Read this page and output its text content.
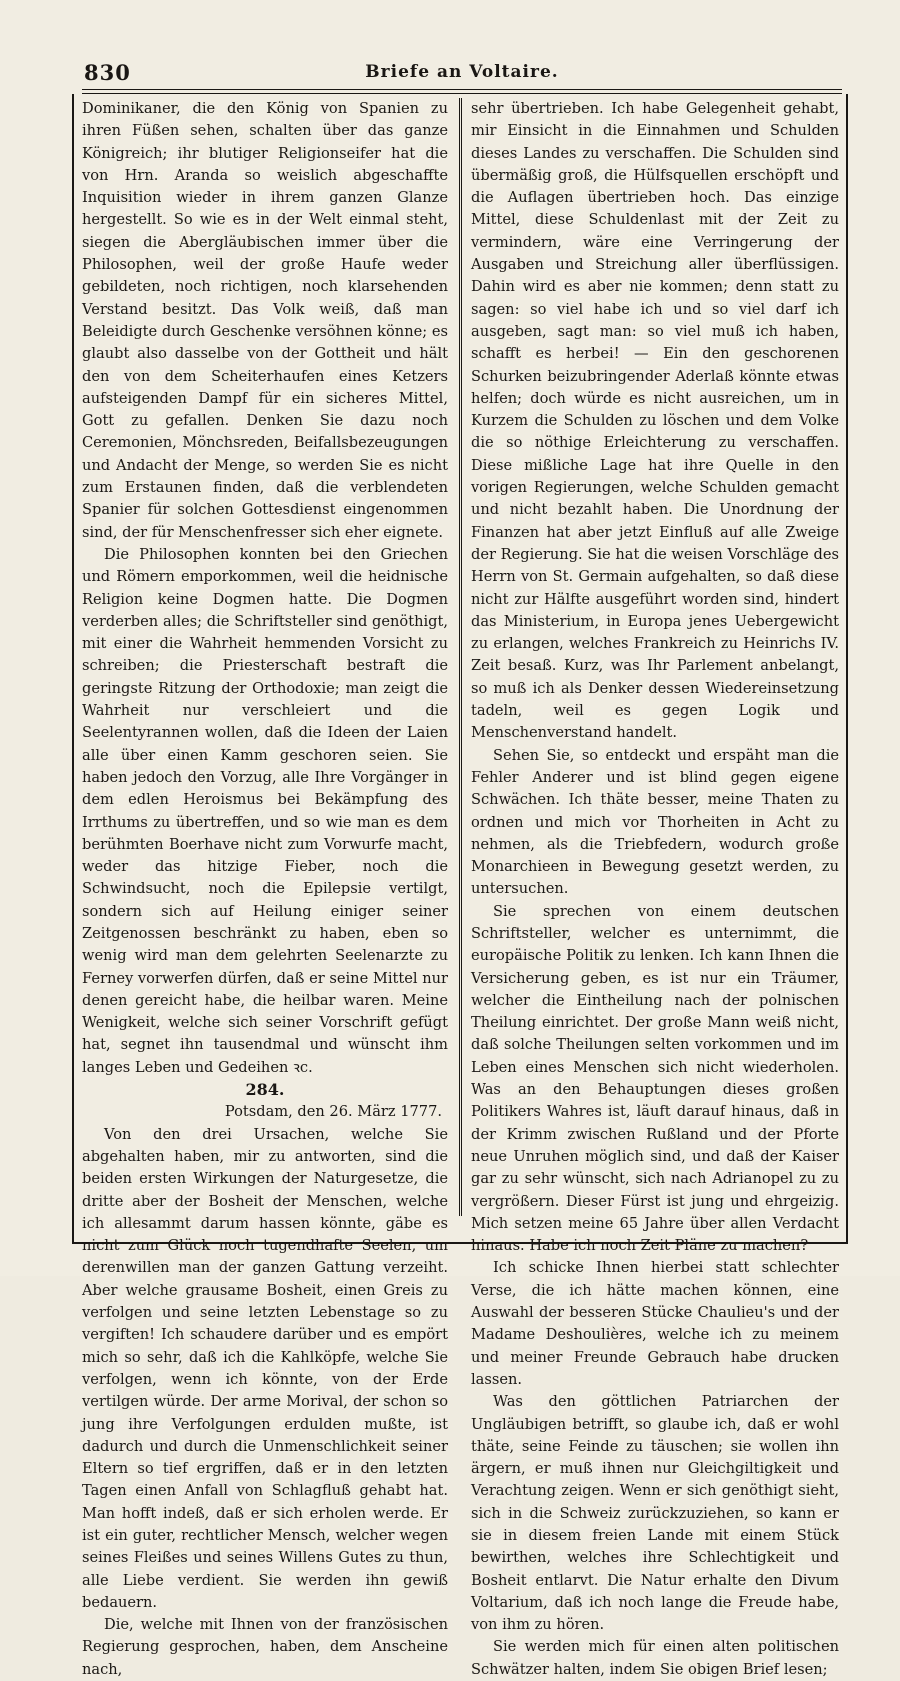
830	Briefe an Voltaire.

Dominikaner, die den König von Spanien zu ihren Füßen sehen, schalten über das ganze Königreich; ihr blutiger Religionseifer hat die von Hrn. Aranda so weislich abgeschaffte Inquisition wieder in ihrem ganzen Glanze hergestellt. So wie es in der Welt einmal steht, siegen die Abergläubischen immer über die Philosophen, weil der große Haufe weder gebildeten, noch richtigen, noch klarsehenden Verstand besitzt. Das Volk weiß, daß man Beleidigte durch Geschenke versöhnen könne; es glaubt also dasselbe von der Gottheit und hält den von dem Scheiterhaufen eines Ketzers aufsteigenden Dampf für ein sicheres Mittel, Gott zu gefallen. Denken Sie dazu noch Ceremonien, Mönchsreden, Beifallsbezeugungen und Andacht der Menge, so werden Sie es nicht zum Erstaunen finden, daß die verblendeten Spanier für solchen Gottesdienst eingenommen sind, der für Menschenfresser sich eher eignete.

Die Philosophen konnten bei den Griechen und Römern emporkommen, weil die heidnische Religion keine Dogmen hatte. Die Dogmen verderben alles; die Schriftsteller sind genöthigt, mit einer die Wahrheit hemmenden Vorsicht zu schreiben; die Priesterschaft bestraft die geringste Ritzung der Orthodoxie; man zeigt die Wahrheit nur verschleiert und die Seelentyrannen wollen, daß die Ideen der Laien alle über einen Kamm geschoren seien. Sie haben jedoch den Vorzug, alle Ihre Vorgänger in dem edlen Heroismus bei Bekämpfung des Irrthums zu übertreffen, und so wie man es dem berühmten Boerhave nicht zum Vorwurfe macht, weder das hitzige Fieber, noch die Schwindsucht, noch die Epilepsie vertilgt, sondern sich auf Heilung einiger seiner Zeitgenossen beschränkt zu haben, eben so wenig wird man dem gelehrten Seelenarzte zu Ferney vorwerfen dürfen, daß er seine Mittel nur denen gereicht habe, die heilbar waren. Meine Wenigkeit, welche sich seiner Vorschrift gefügt hat, segnet ihn tausendmal und wünscht ihm langes Leben und Gedeihen ꝛc.

284.

Potsdam, den 26. März 1777.

Von den drei Ursachen, welche Sie abgehalten haben, mir zu antworten, sind die beiden ersten Wirkungen der Naturgesetze, die dritte aber der Bosheit der Menschen, welche ich allesammt darum hassen könnte, gäbe es nicht zum Glück noch tugendhafte Seelen, um derenwillen man der ganzen Gattung verzeiht. Aber welche grausame Bosheit, einen Greis zu verfolgen und seine letzten Lebenstage so zu vergiften! Ich schaudere darüber und es empört mich so sehr, daß ich die Kahlköpfe, welche Sie verfolgen, wenn ich könnte, von der Erde vertilgen würde. Der arme Morival, der schon so jung ihre Verfolgungen erdulden mußte, ist dadurch und durch die Unmenschlichkeit seiner Eltern so tief ergriffen, daß er in den letzten Tagen einen Anfall von Schlagfluß gehabt hat. Man hofft indeß, daß er sich erholen werde. Er ist ein guter, rechtlicher Mensch, welcher wegen seines Fleißes und seines Willens Gutes zu thun, alle Liebe verdient. Sie werden ihn gewiß bedauern.

Die, welche mit Ihnen von der französischen Regierung gesprochen, haben, dem Anscheine nach,

sehr übertrieben. Ich habe Gelegenheit gehabt, mir Einsicht in die Einnahmen und Schulden dieses Landes zu verschaffen. Die Schulden sind übermäßig groß, die Hülfsquellen erschöpft und die Auflagen übertrieben hoch. Das einzige Mittel, diese Schuldenlast mit der Zeit zu vermindern, wäre eine Verringerung der Ausgaben und Streichung aller überflüssigen. Dahin wird es aber nie kommen; denn statt zu sagen: so viel habe ich und so viel darf ich ausgeben, sagt man: so viel muß ich haben, schafft es herbei! — Ein den geschorenen Schurken beizubringender Aderlaß könnte etwas helfen; doch würde es nicht ausreichen, um in Kurzem die Schulden zu löschen und dem Volke die so nöthige Erleichterung zu verschaffen. Diese mißliche Lage hat ihre Quelle in den vorigen Regierungen, welche Schulden gemacht und nicht bezahlt haben. Die Unordnung der Finanzen hat aber jetzt Einfluß auf alle Zweige der Regierung. Sie hat die weisen Vorschläge des Herrn von St. Germain aufgehalten, so daß diese nicht zur Hälfte ausgeführt worden sind, hindert das Ministerium, in Europa jenes Uebergewicht zu erlangen, welches Frankreich zu Heinrichs IV. Zeit besaß. Kurz, was Ihr Parlement anbelangt, so muß ich als Denker dessen Wiedereinsetzung tadeln, weil es gegen Logik und Menschenverstand handelt.

Sehen Sie, so entdeckt und erspäht man die Fehler Anderer und ist blind gegen eigene Schwächen. Ich thäte besser, meine Thaten zu ordnen und mich vor Thorheiten in Acht zu nehmen, als die Triebfedern, wodurch große Monarchieen in Bewegung gesetzt werden, zu untersuchen.

Sie sprechen von einem deutschen Schriftsteller, welcher es unternimmt, die europäische Politik zu lenken. Ich kann Ihnen die Versicherung geben, es ist nur ein Träumer, welcher die Eintheilung nach der polnischen Theilung einrichtet. Der große Mann weiß nicht, daß solche Theilungen selten vorkommen und im Leben eines Menschen sich nicht wiederholen. Was an den Behauptungen dieses großen Politikers Wahres ist, läuft darauf hinaus, daß in der Krimm zwischen Rußland und der Pforte neue Unruhen möglich sind, und daß der Kaiser gar zu sehr wünscht, sich nach Adrianopel zu zu vergrößern. Dieser Fürst ist jung und ehrgeizig. Mich setzen meine 65 Jahre über allen Verdacht hinaus. Habe ich noch Zeit Pläne zu machen?

Ich schicke Ihnen hierbei statt schlechter Verse, die ich hätte machen können, eine Auswahl der besseren Stücke Chaulieu's und der Madame Deshoulières, welche ich zu meinem und meiner Freunde Gebrauch habe drucken lassen.

Was den göttlichen Patriarchen der Ungläubigen betrifft, so glaube ich, daß er wohl thäte, seine Feinde zu täuschen; sie wollen ihn ärgern, er muß ihnen nur Gleichgiltigkeit und Verachtung zeigen. Wenn er sich genöthigt sieht, sich in die Schweiz zurückzuziehen, so kann er sie in diesem freien Lande mit einem Stück bewirthen, welches ihre Schlechtigkeit und Bosheit entlarvt. Die Natur erhalte den Divum Voltarium, daß ich noch lange die Freude habe, von ihm zu hören.

Sie werden mich für einen alten politischen Schwätzer halten, indem Sie obigen Brief lesen;
